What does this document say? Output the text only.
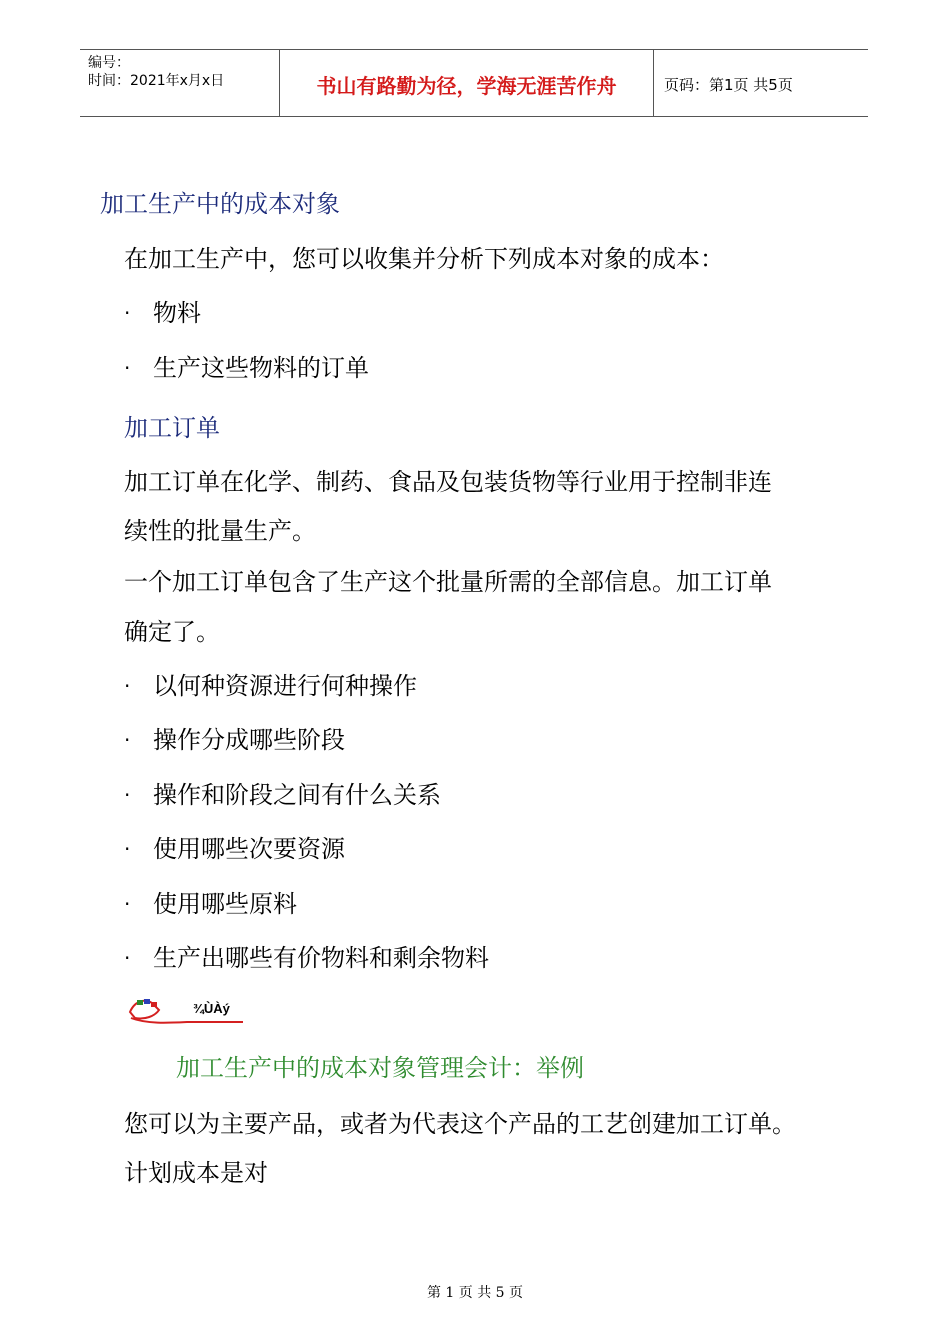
编号：
时间：2021年x月x日	书山有路勤为径，学海无涯苦作舟	页码：第1页 共5页
加工生产中的成本对象
在加工生产中，您可以收集并分析下列成本对象的成本：
· 物料
· 生产这些物料的订单
加工订单
加工订单在化学、制药、食品及包装货物等行业用于控制非连
续性的批量生产。
一个加工订单包含了生产这个批量所需的全部信息。加工订单
确定了。
· 以何种资源进行何种操作
· 操作分成哪些阶段
· 操作和阶段之间有什么关系
· 使用哪些次要资源
· 使用哪些原料
· 生产出哪些有价物料和剩余物料
¾ÙÀý
加工生产中的成本对象管理会计：举例
您可以为主要产品，或者为代表这个产品的工艺创建加工订单。
计划成本是对
第 1 页 共 5 页
